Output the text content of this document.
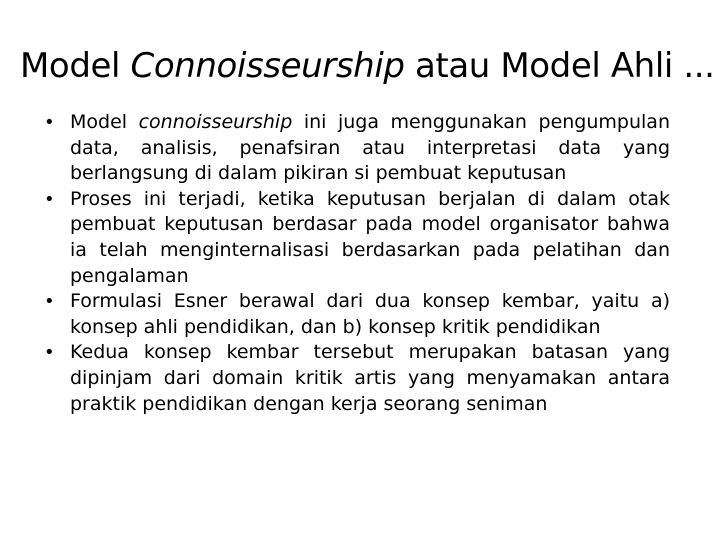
Model Connoisseurship atau Model Ahli ...
• Model connoisseurship ini juga menggunakan pengumpulan data, analisis, penafsiran atau interpretasi data yang berlangsung di dalam pikiran si pembuat keputusan
• Proses ini terjadi, ketika keputusan berjalan di dalam otak pembuat keputusan berdasar pada model organisator bahwa ia telah menginternalisasi berdasarkan pada pelatihan dan pengalaman
• Formulasi Esner berawal dari dua konsep kembar, yaitu a) konsep ahli pendidikan, dan b) konsep kritik pendidikan
• Kedua konsep kembar tersebut merupakan batasan yang dipinjam dari domain kritik artis yang menyamakan antara praktik pendidikan dengan kerja seorang seniman
